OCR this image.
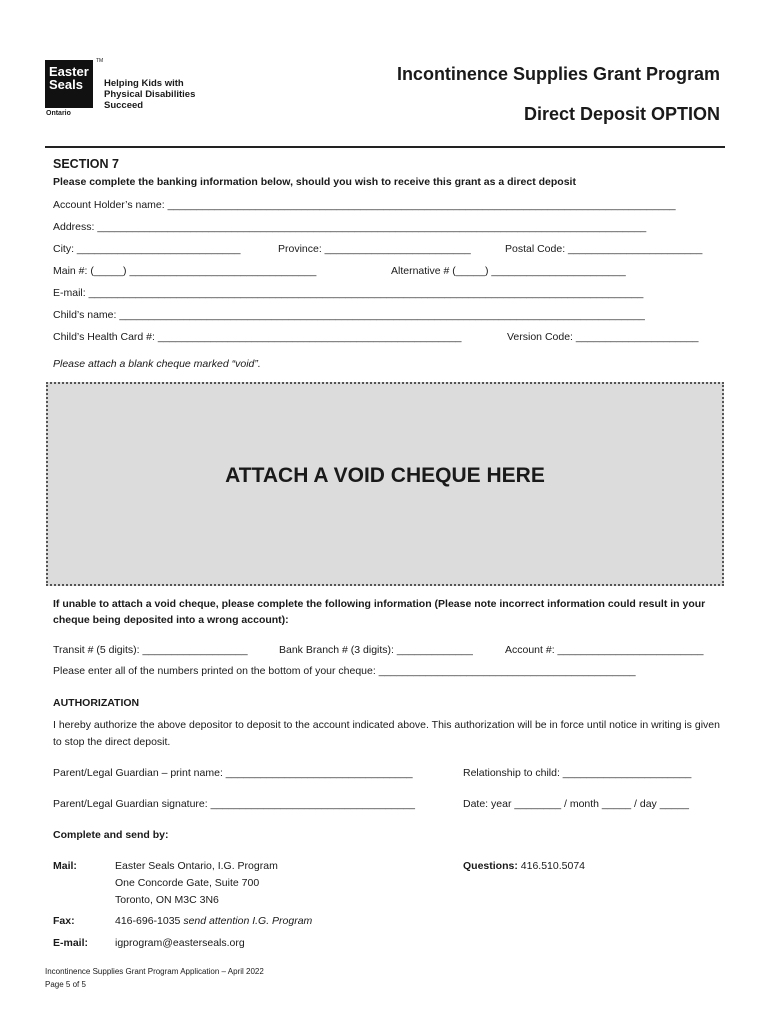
Easter
Seals
TM
Ontario
Helping Kids with Physical Disabilities Succeed
Incontinence Supplies Grant Program
Direct Deposit OPTION
SECTION 7
Please complete the banking information below, should you wish to receive this grant as a direct deposit
Account Holder’s name: _______________________________________________________________________________________
Address: ______________________________________________________________________________________________
City: ____________________________	Province: _________________________	Postal Code: _______________________
Main #: (_____) ________________________________	Alternative # (_____) _______________________
E-mail: _______________________________________________________________________________________________
Child’s name: __________________________________________________________________________________________
Child’s Health Card #: ____________________________________________________	Version Code: _____________________
Please attach a blank cheque marked “void”.
ATTACH A VOID CHEQUE HERE
If unable to attach a void cheque, please complete the following information (Please note incorrect information could result in your cheque being deposited into a wrong account):
Transit # (5 digits): __________________	Bank Branch # (3 digits): _____________	Account #: _________________________
Please enter all of the numbers printed on the bottom of your cheque: ____________________________________________
AUTHORIZATION
I hereby authorize the above depositor to deposit to the account indicated above. This authorization will be in force until notice in writing is given to stop the direct deposit.
Parent/Legal Guardian – print name: ________________________________	Relationship to child: ______________________
Parent/Legal Guardian signature: ___________________________________	Date: year ________ / month _____ / day _____
Complete and send by:
Mail:	Easter Seals Ontario, I.G. Program
One Concorde Gate, Suite 700
Toronto, ON M3C 3N6
Questions: 416.510.5074
Fax:	416-696-1035 send attention I.G. Program
E-mail:	igprogram@easterseals.org
Incontinence Supplies Grant Program Application – April 2022
Page 5 of 5
